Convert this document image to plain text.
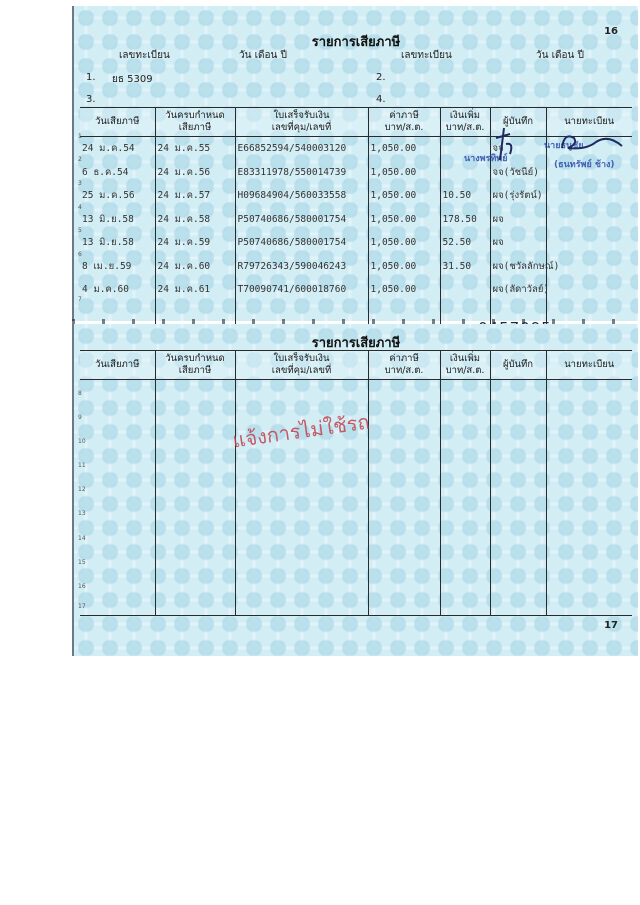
16
รายการเสียภาษี
เลขทะเบียน	วัน เดือน ปี	เลขทะเบียน	วัน เดือน ปี
1. ยธ 5309	2.
3.	4.
วันเสียภาษี	วันครบกำหนด
เสียภาษี	ใบเสร็จรับเงิน
เลขที่คุม/เลขที่	ค่าภาษี
บาท/ส.ต.	เงินเพิ่ม
บาท/ส.ต.	ผู้บันทึก	นายทะเบียน
24 ม.ค.54	24 ม.ค.55	E66852594/540003120	1,050.00		จจ	
6 ธ.ค.54	24 ม.ค.56	E83311978/550014739	1,050.00		จจ(วัชนีย์)	
25 ม.ค.56	24 ม.ค.57	H09684904/560033558	1,050.00	10.50	ผจ(รุ่งรัตน์)	
13 มิ.ย.58	24 ม.ค.58	P50740686/580001754	1,050.00	178.50	ผจ	
13 มิ.ย.58	24 ม.ค.59	P50740686/580001754	1,050.00	52.50	ผจ	
8 เม.ย.59	24 ม.ค.60	R79726343/590046243	1,050.00	31.50	ผจ(ชวัลลักษณ์)	
4 ม.ค.60	24 ม.ค.61	T70090741/600018760	1,050.00		ผจ(ลัดาวัลย์)	

นายธนูชัย
นางพรทิพย์
(ธนทรัพย์ ช้าง)
รายการเสียภาษี
วันเสียภาษี	วันครบกำหนด
เสียภาษี	ใบเสร็จรับเงิน
เลขที่คุม/เลขที่	ค่าภาษี
บาท/ส.ต.	เงินเพิ่ม
บาท/ส.ต.	ผู้บันทึก	นายทะเบียน

17
1
2
3
4
5
6
7
8
9
10
11
12
13
14
15
16
17
แจ้งการไม่ใช้รถ
